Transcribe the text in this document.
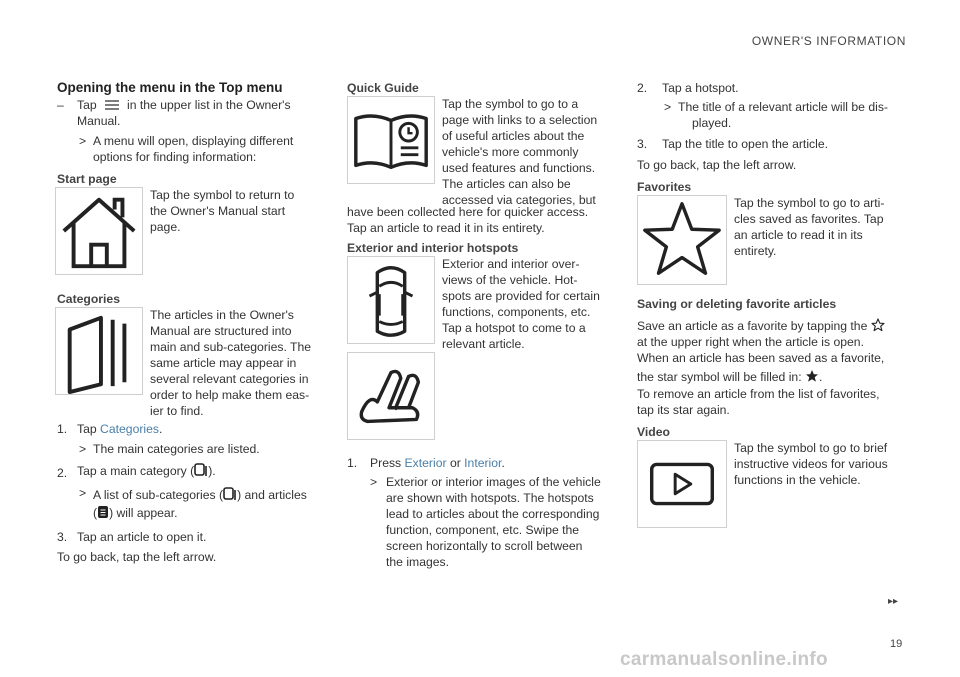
OWNER'S INFORMATION
Opening the menu in the Top menu
– Tap in the upper list in the Owner's
Manual.
> A menu will open, displaying different
options for finding information:
Start page

Tap the symbol to return to

the Owner's Manual start

page.

Categories

The articles in the Owner's

Manual are structured into

main and sub-categories. The

same article may appear in

several relevant categories in

order to help make them eas-

ier to find.

1. Tap Categories.
> The main categories are listed.
2. Tap a main category ( ).
> A list of sub-categories ( ) and articles
( ) will appear.
3. Tap an article to open it.
To go back, tap the left arrow.
Quick Guide

Tap the symbol to go to a

page with links to a selection

of useful articles about the

vehicle's more commonly

used features and functions.

The articles can also be

accessed via categories, but

have been collected here for quicker access.

Tap an article to read it in its entirety.

Exterior and interior hotspots

Exterior and interior over-

views of the vehicle. Hot-

spots are provided for certain

functions, components, etc.

Tap a hotspot to come to a

relevant article.

1. Press Exterior or Interior.
> Exterior or interior images of the vehicle

are shown with hotspots. The hotspots

lead to articles about the corresponding

function, component, etc. Swipe the

screen horizontally to scroll between

the images.

2. Tap a hotspot.
> The title of a relevant article will be dis-

played.

3. Tap the title to open the article.
To go back, tap the left arrow.
Favorites

Tap the symbol to go to arti-

cles saved as favorites. Tap

an article to read it in its

entirety.

Saving or deleting favorite articles

Save an article as a favorite by tapping the

at the upper right when the article is open.

When an article has been saved as a favorite,

the star symbol will be filled in: .

To remove an article from the list of favorites,

tap its star again.

Video

Tap the symbol to go to brief

instructive videos for various

functions in the vehicle.

▸▸
19
carmanualsonline.info
